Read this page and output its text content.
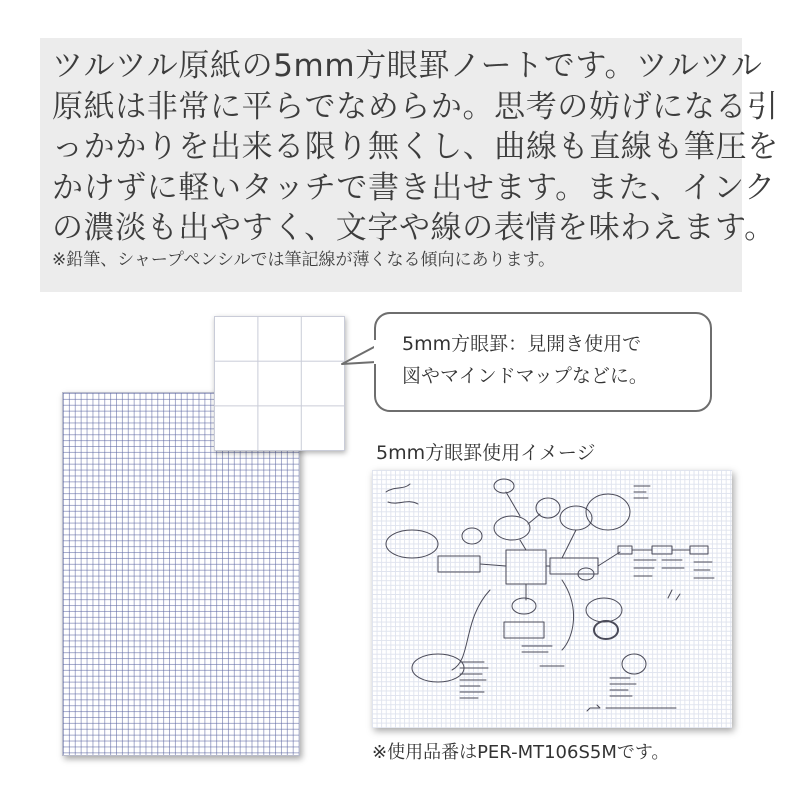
ツルツル原紙の5mm方眼罫ノートです。ツルツル
原紙は非常に平らでなめらか。思考の妨げになる引
っかかりを出来る限り無くし、曲線も直線も筆圧を
かけずに軽いタッチで書き出せます。また、インク
の濃淡も出やすく、文字や線の表情を味わえます。
※鉛筆、シャープペンシルでは筆記線が薄くなる傾向にあります。
5mm方眼罫：見開き使用で
図やマインドマップなどに。
5mm方眼罫使用イメージ
※使用品番はPER-MT106S5Mです。
